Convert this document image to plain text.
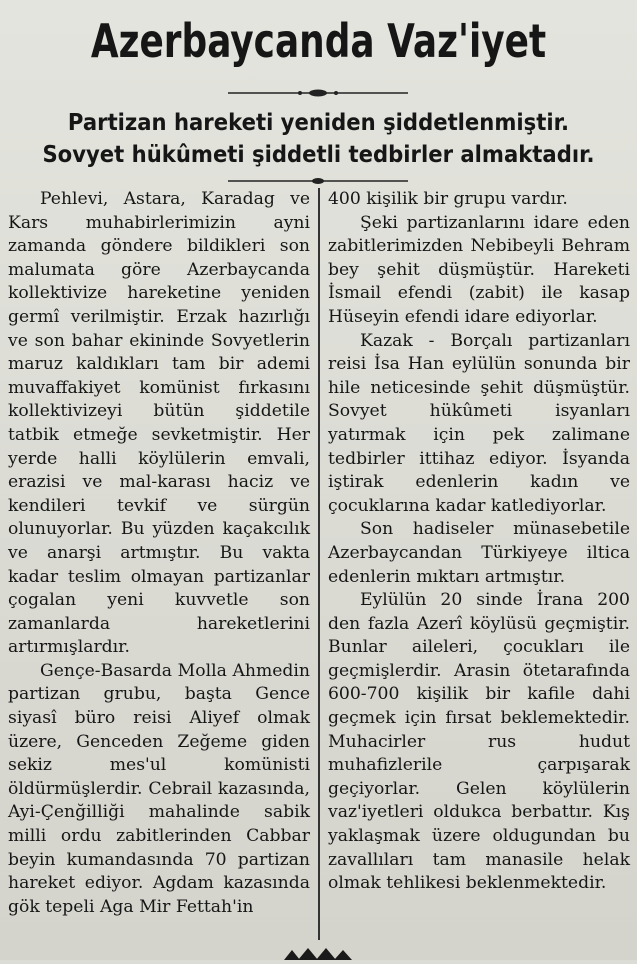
Azerbaycanda Vaz'iyet
Partizan hareketi yeniden şiddetlenmiştir.
Sovyet hükûmeti şiddetli tedbirler almaktadır.

Pehlevi, Astara, Karadag ve Kars muhabirlerimizin ayni zamanda göndere bildikleri son malumata göre Azerbaycanda kollektivize hareketine yeniden germî verilmiştir. Erzak hazırlığı ve son bahar ekininde Sovyetlerin maruz kaldıkları tam bir ademi muvaffakiyet komünist fırkasını kollektivizeyi bütün şiddetile tatbik etmeğe sevketmiştir. Her yerde halli köylülerin emvali, erazisi ve mal-karası haciz ve kendileri tevkif ve sürgün olunuyorlar. Bu yüzden kaçakcılık ve anarşi artmıştır. Bu vakta kadar teslim olmayan partizanlar çogalan yeni kuvvetle son zamanlarda hareketlerini artırmışlardır.

Gençe-Basarda Molla Ahmedin partizan grubu, başta Gence siyasî büro reisi Aliyef olmak üzere, Genceden Zeğeme giden sekiz mes'ul komünisti öldürmüşlerdir. Cebrail kazasında, Ayi-Çenğilliği mahalinde sabik milli ordu zabitlerinden Cabbar beyin kumandasında 70 partizan hareket ediyor. Agdam kazasında gök tepeli Aga Mir Fettah'in

400 kişilik bir grupu vardır.

Şeki partizanlarını idare eden zabitlerimizden Nebibeyli Behram bey şehit düşmüştür. Hareketi İsmail efendi (zabit) ile kasap Hüseyin efendi idare ediyorlar.

Kazak - Borçalı partizanları reisi İsa Han eylülün sonunda bir hile neticesinde şehit düşmüştür. Sovyet hükûmeti isyanları yatırmak için pek zalimane tedbirler ittihaz ediyor. İsyanda iştirak edenlerin kadın ve çocuklarına kadar katlediyorlar.

Son hadiseler münasebetile Azerbaycandan Türkiyeye iltica edenlerin mıktarı artmıştır.

Eylülün 20 sinde İrana 200 den fazla Azerî köylüsü geçmiştir. Bunlar aileleri, çocukları ile geçmişlerdir. Arasin ötetarafında 600-700 kişilik bir kafile dahi geçmek için fırsat beklemektedir. Muhacirler rus hudut muhafizlerile çarpışarak geçiyorlar. Gelen köylülerin vaz'iyetleri oldukca berbattır. Kış yaklaşmak üzere oldugundan bu zavallıları tam manasile helak olmak tehlikesi beklenmektedir.
